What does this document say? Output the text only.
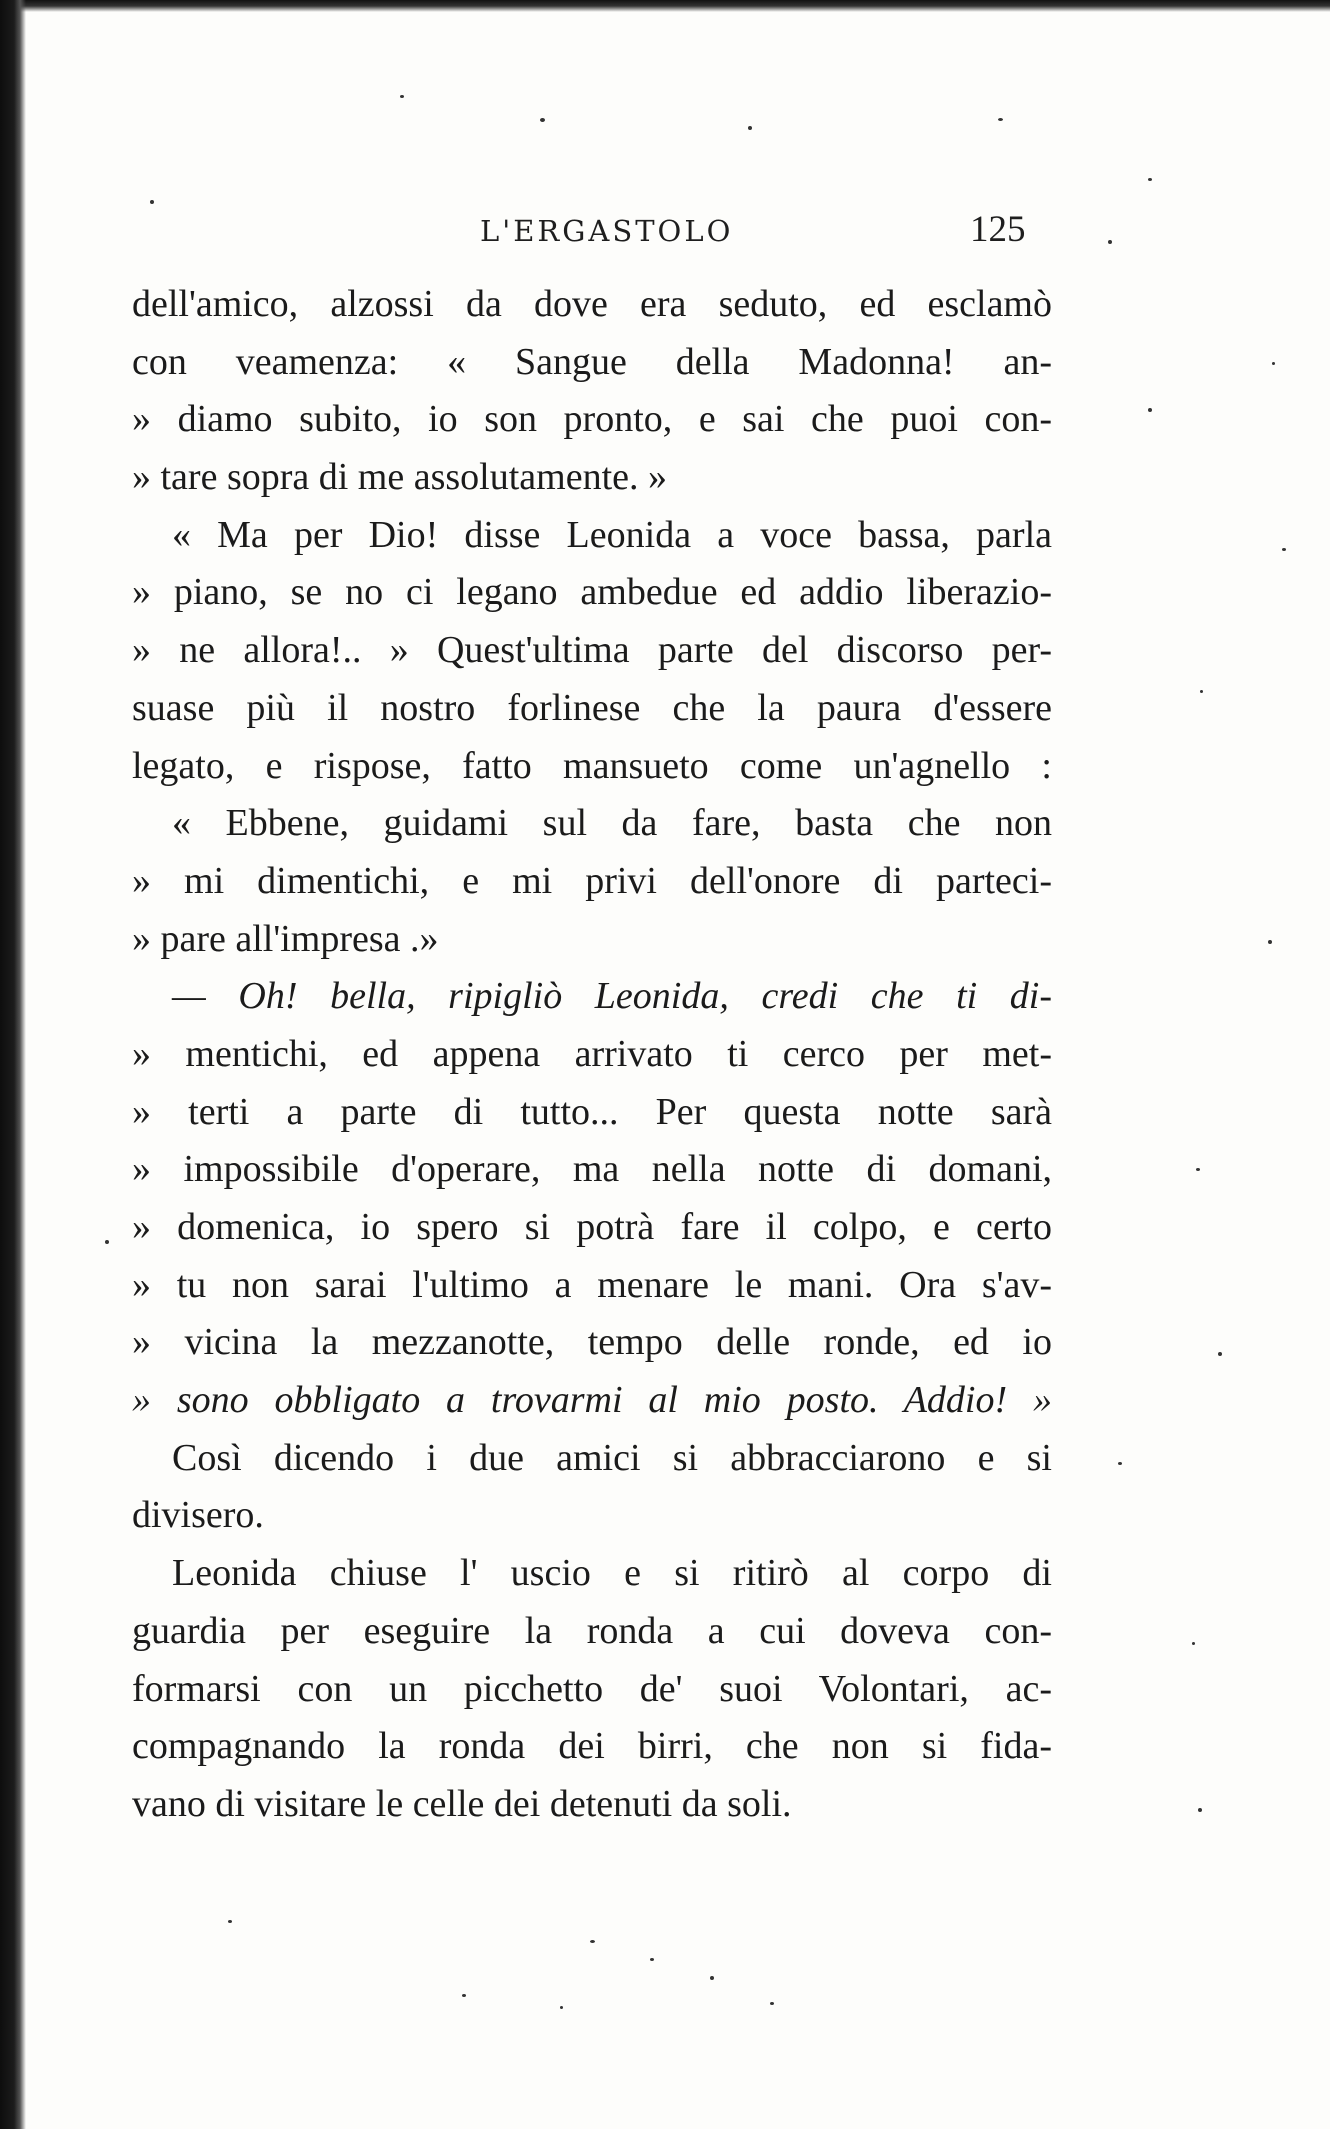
L'ERGASTOLO	125
dell'amico, alzossi da dove era seduto, ed esclamò
con veamenza: « Sangue della Madonna! an-
» diamo subito, io son pronto, e sai che puoi con-
» tare sopra di me assolutamente. »
« Ma per Dio! disse Leonida a voce bassa, parla
» piano, se no ci legano ambedue ed addio liberazio-
» ne allora!.. » Quest'ultima parte del discorso per-
suase più il nostro forlinese che la paura d'essere
legato, e rispose, fatto mansueto come un'agnello :
« Ebbene, guidami sul da fare, basta che non
» mi dimentichi, e mi privi dell'onore di parteci-
» pare all'impresa .»
— Oh! bella, ripigliò Leonida, credi che ti di-
» mentichi, ed appena arrivato ti cerco per met-
» terti a parte di tutto... Per questa notte sarà
» impossibile d'operare, ma nella notte di domani,
» domenica, io spero si potrà fare il colpo, e certo
» tu non sarai l'ultimo a menare le mani. Ora s'av-
» vicina la mezzanotte, tempo delle ronde, ed io
» sono obbligato a trovarmi al mio posto. Addio! »
Così dicendo i due amici si abbracciarono e si
divisero.
Leonida chiuse l' uscio e si ritirò al corpo di
guardia per eseguire la ronda a cui doveva con-
formarsi con un picchetto de' suoi Volontari, ac-
compagnando la ronda dei birri, che non si fida-
vano di visitare le celle dei detenuti da soli.
